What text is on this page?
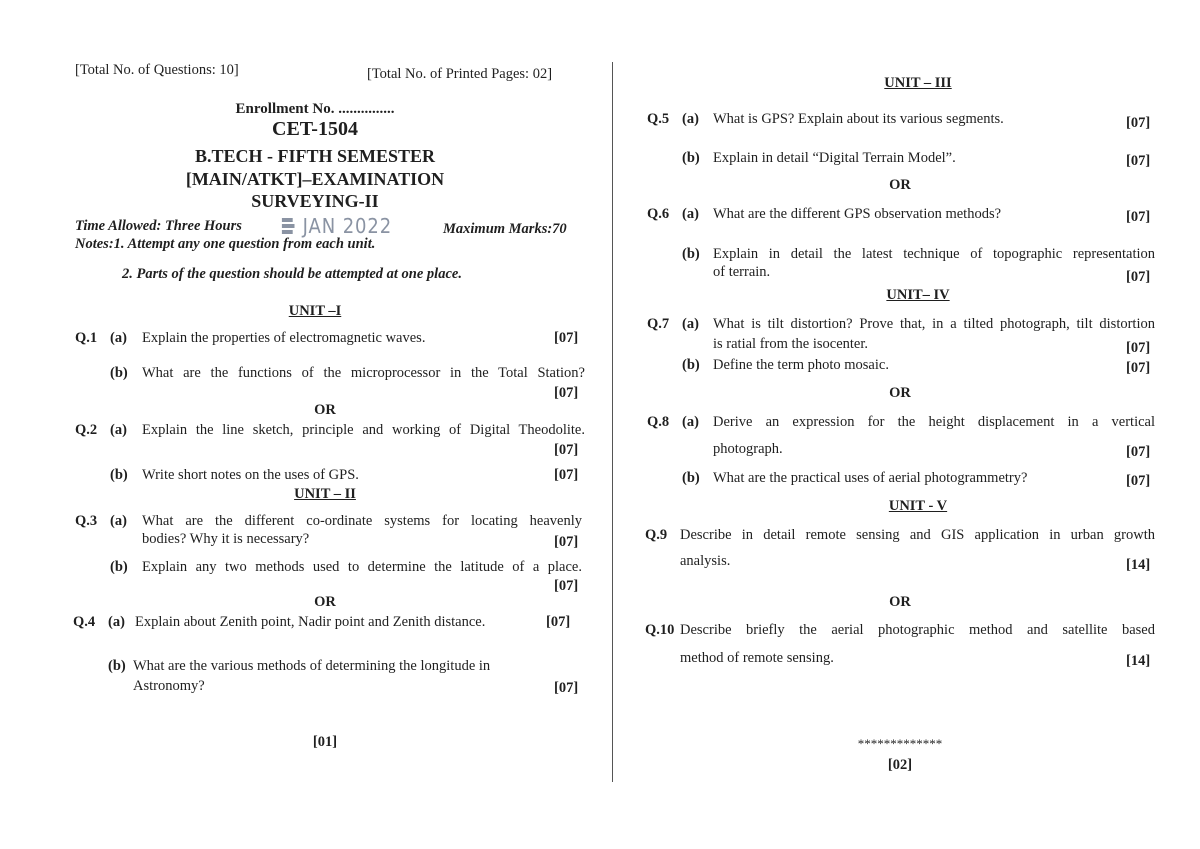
[Total No. of Questions: 10]	[Total No. of Printed Pages: 02]
Enrollment No. ...............
CET-1504
B.TECH - FIFTH SEMESTER
[MAIN/ATKT]–EXAMINATION
SURVEYING-II
Time Allowed: Three Hours	JAN 2022	Maximum Marks:70
Notes:1. Attempt any one question from each unit.
2. Parts of the question should be attempted at one place.
UNIT –I
Q.1 (a) Explain the properties of electromagnetic waves.	[07]
(b) What are the functions of the microprocessor in the Total Station?
[07]
OR
Q.2 (a) Explain the line sketch, principle and working of Digital Theodolite.
[07]
(b) Write short notes on the uses of GPS.	[07]
UNIT – II
Q.3 (a) What are the different co-ordinate systems for locating heavenly
bodies? Why it is necessary?	[07]
(b) Explain any two methods used to determine the latitude of a place.
[07]
OR
Q.4 (a) Explain about Zenith point, Nadir point and Zenith distance.	[07]
(b) What are the various methods of determining the longitude in
Astronomy?	[07]
[01]
UNIT – III
Q.5 (a) What is GPS? Explain about its various segments.	[07]
(b) Explain in detail “Digital Terrain Model”.	[07]
OR
Q.6 (a) What are the different GPS observation methods?	[07]
(b) Explain in detail the latest technique of topographic representation
of terrain.	[07]
UNIT– IV
Q.7 (a) What is tilt distortion? Prove that, in a tilted photograph, tilt distortion
is ratial from the isocenter.	[07]
(b) Define the term photo mosaic.	[07]
OR
Q.8 (a) Derive an expression for the height displacement in a vertical
photograph.	[07]
(b) What are the practical uses of aerial photogrammetry?	[07]
UNIT - V
Q.9 Describe in detail remote sensing and GIS application in urban growth
analysis.	[14]
OR
Q.10 Describe briefly the aerial photographic method and satellite based
method of remote sensing.	[14]
*************
[02]
